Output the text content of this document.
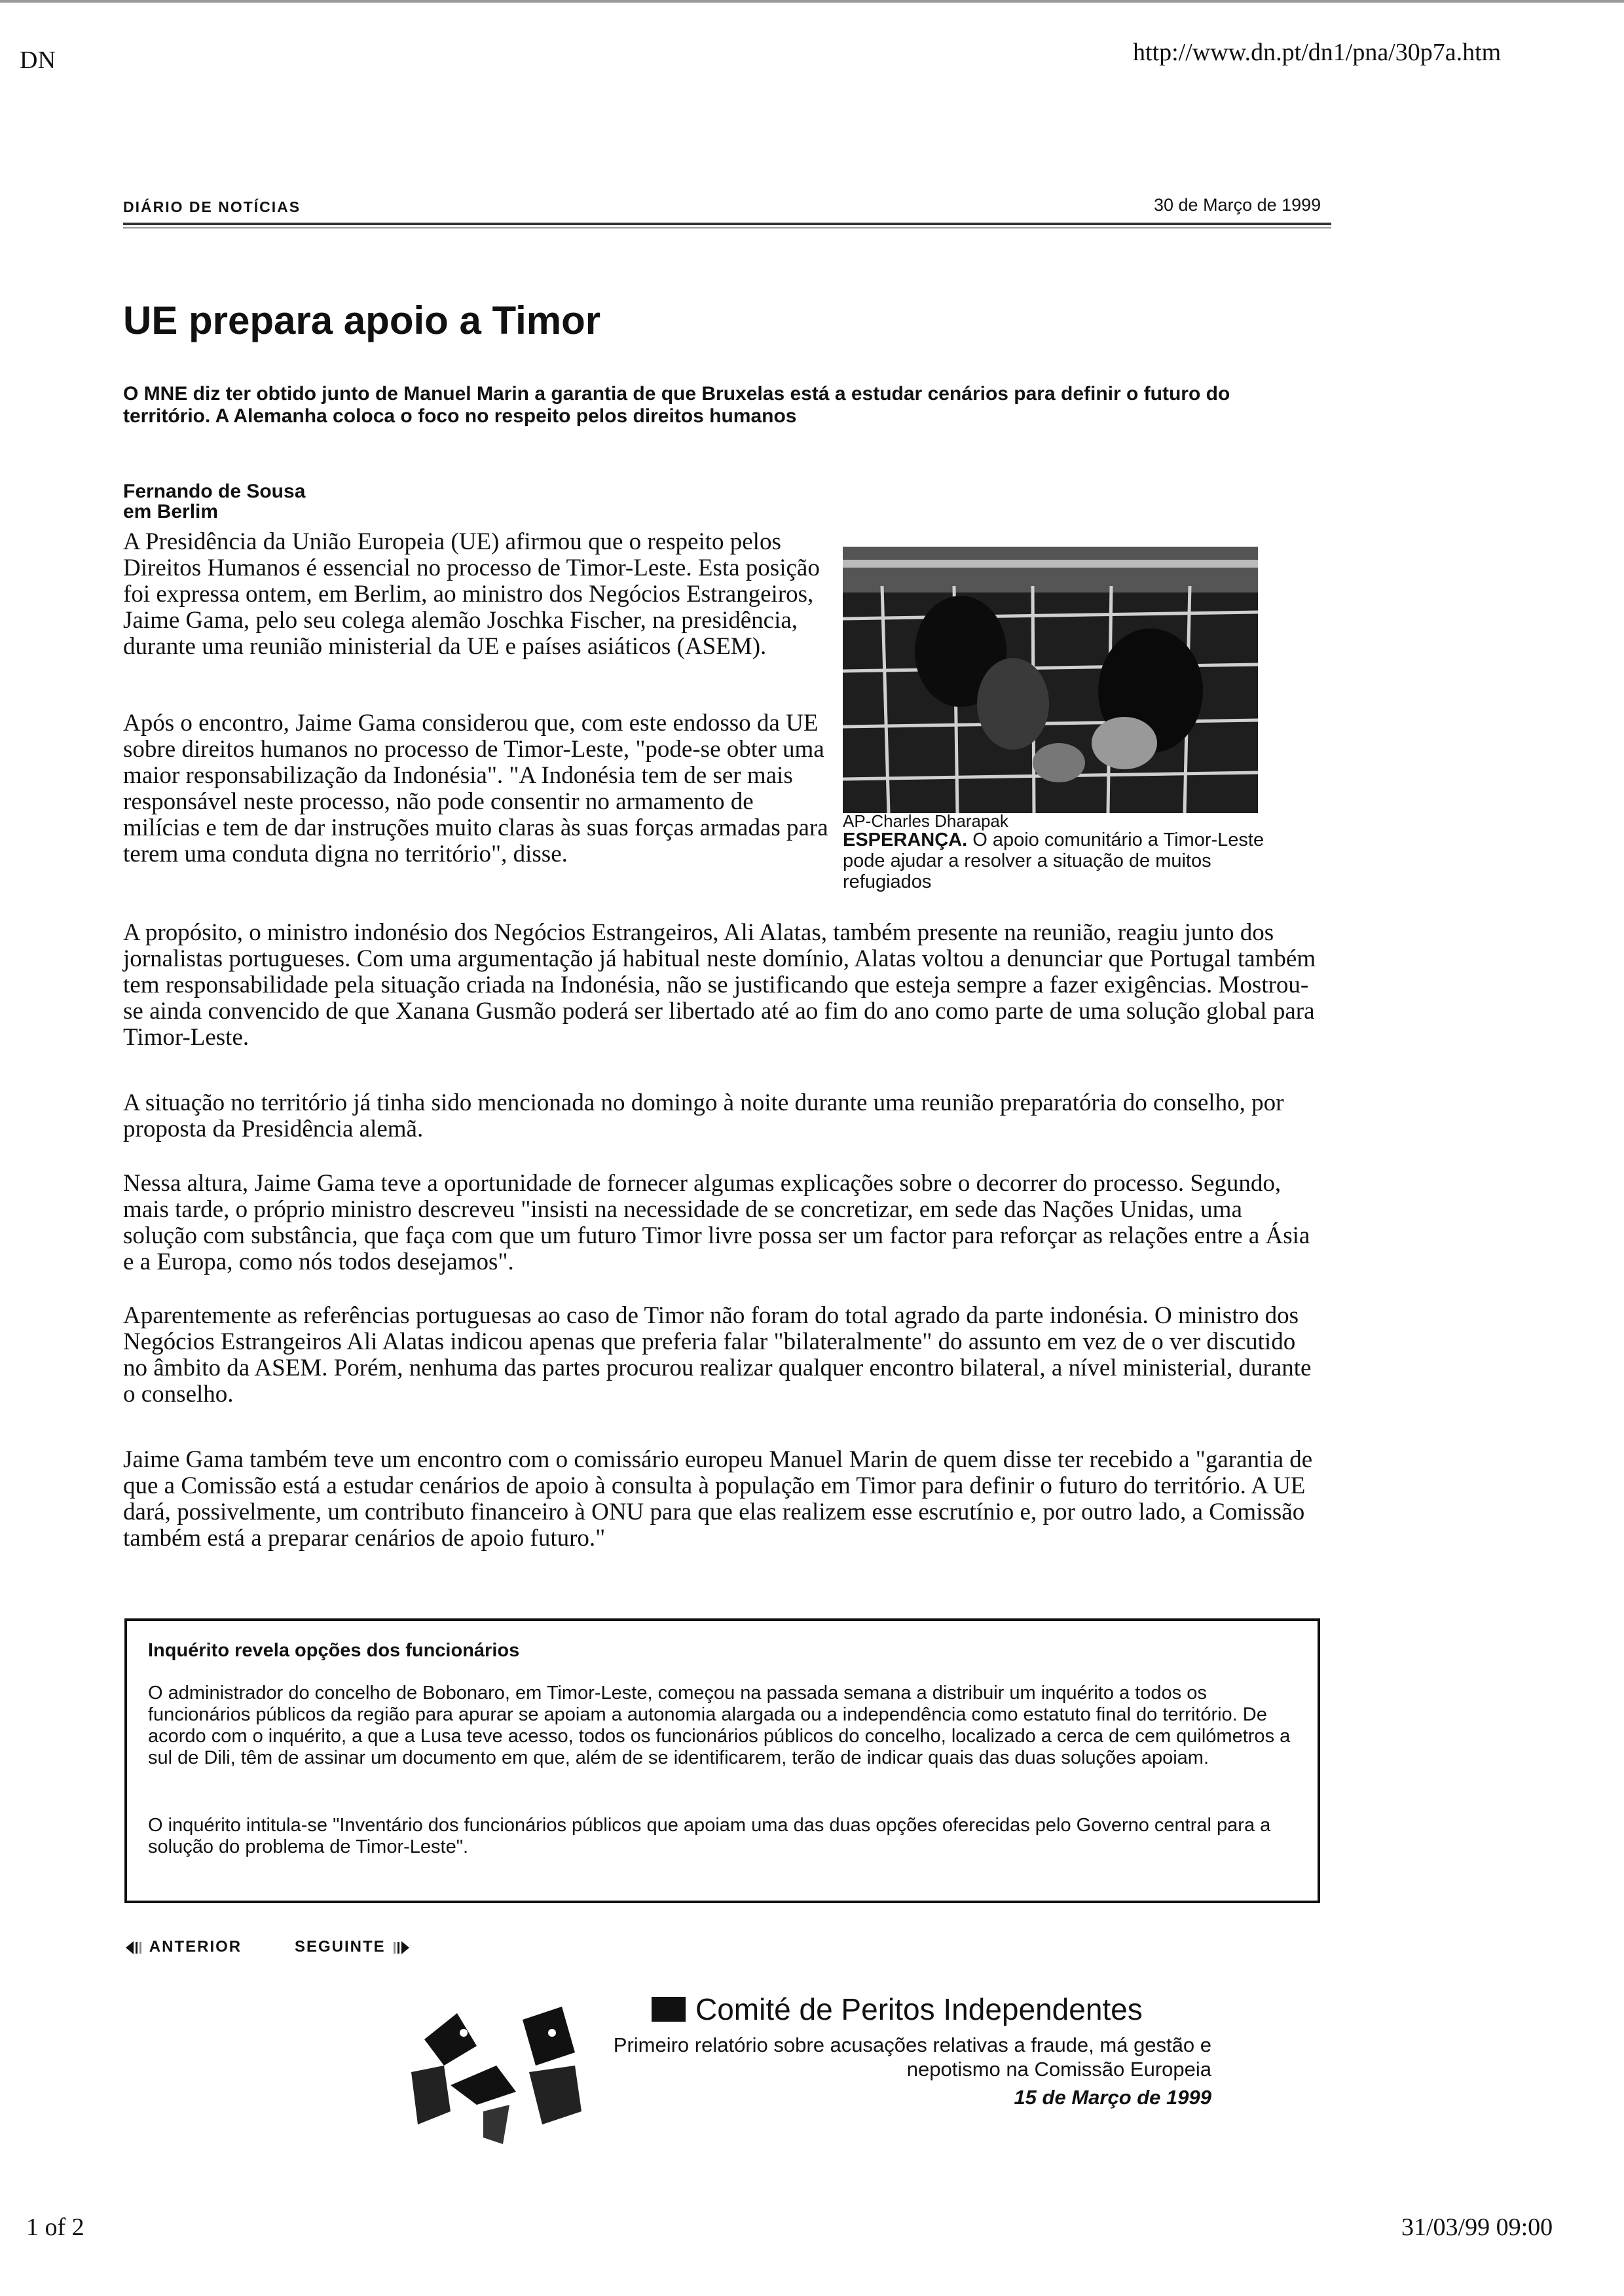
DN	http://www.dn.pt/dn1/pna/30p7a.htm
DIÁRIO DE NOTÍCIAS	30 de Março de 1999
UE prepara apoio a Timor
O MNE diz ter obtido junto de Manuel Marin a garantia de que Bruxelas está a estudar cenários para definir o futuro do território. A Alemanha coloca o foco no respeito pelos direitos humanos
Fernando de Sousa
em Berlim
A Presidência da União Europeia (UE) afirmou que o respeito pelos Direitos Humanos é essencial no processo de Timor-Leste. Esta posição foi expressa ontem, em Berlim, ao ministro dos Negócios Estrangeiros, Jaime Gama, pelo seu colega alemão Joschka Fischer, na presidência, durante uma reunião ministerial da UE e países asiáticos (ASEM).
Após o encontro, Jaime Gama considerou que, com este endosso da UE sobre direitos humanos no processo de Timor-Leste, "pode-se obter uma maior responsabilização da Indonésia". "A Indonésia tem de ser mais responsável neste processo, não pode consentir no armamento de milícias e tem de dar instruções muito claras às suas forças armadas para terem uma conduta digna no território", disse.
AP-Charles Dharapak
ESPERANÇA. O apoio comunitário a Timor-Leste pode ajudar a resolver a situação de muitos refugiados
A propósito, o ministro indonésio dos Negócios Estrangeiros, Ali Alatas, também presente na reunião, reagiu junto dos jornalistas portugueses. Com uma argumentação já habitual neste domínio, Alatas voltou a denunciar que Portugal também tem responsabilidade pela situação criada na Indonésia, não se justificando que esteja sempre a fazer exigências. Mostrou-se ainda convencido de que Xanana Gusmão poderá ser libertado até ao fim do ano como parte de uma solução global para Timor-Leste.
A situação no território já tinha sido mencionada no domingo à noite durante uma reunião preparatória do conselho, por proposta da Presidência alemã.
Nessa altura, Jaime Gama teve a oportunidade de fornecer algumas explicações sobre o decorrer do processo. Segundo, mais tarde, o próprio ministro descreveu "insisti na necessidade de se concretizar, em sede das Nações Unidas, uma solução com substância, que faça com que um futuro Timor livre possa ser um factor para reforçar as relações entre a Ásia e a Europa, como nós todos desejamos".
Aparentemente as referências portuguesas ao caso de Timor não foram do total agrado da parte indonésia. O ministro dos Negócios Estrangeiros Ali Alatas indicou apenas que preferia falar "bilateralmente" do assunto em vez de o ver discutido no âmbito da ASEM. Porém, nenhuma das partes procurou realizar qualquer encontro bilateral, a nível ministerial, durante o conselho.
Jaime Gama também teve um encontro com o comissário europeu Manuel Marin de quem disse ter recebido a "garantia de que a Comissão está a estudar cenários de apoio à consulta à população em Timor para definir o futuro do território. A UE dará, possivelmente, um contributo financeiro à ONU para que elas realizem esse escrutínio e, por outro lado, a Comissão também está a preparar cenários de apoio futuro."
Inquérito revela opções dos funcionários
O administrador do concelho de Bobonaro, em Timor-Leste, começou na passada semana a distribuir um inquérito a todos os funcionários públicos da região para apurar se apoiam a autonomia alargada ou a independência como estatuto final do território. De acordo com o inquérito, a que a Lusa teve acesso, todos os funcionários públicos do concelho, localizado a cerca de cem quilómetros a sul de Dili, têm de assinar um documento em que, além de se identificarem, terão de indicar quais das duas soluções apoiam.
O inquérito intitula-se "Inventário dos funcionários públicos que apoiam uma das duas opções oferecidas pelo Governo central para a solução do problema de Timor-Leste".
ANTERIOR	SEGUINTE
Comité de Peritos Independentes
Primeiro relatório sobre acusações relativas a fraude, má gestão e nepotismo na Comissão Europeia
15 de Março de 1999
1 of 2	31/03/99 09:00
